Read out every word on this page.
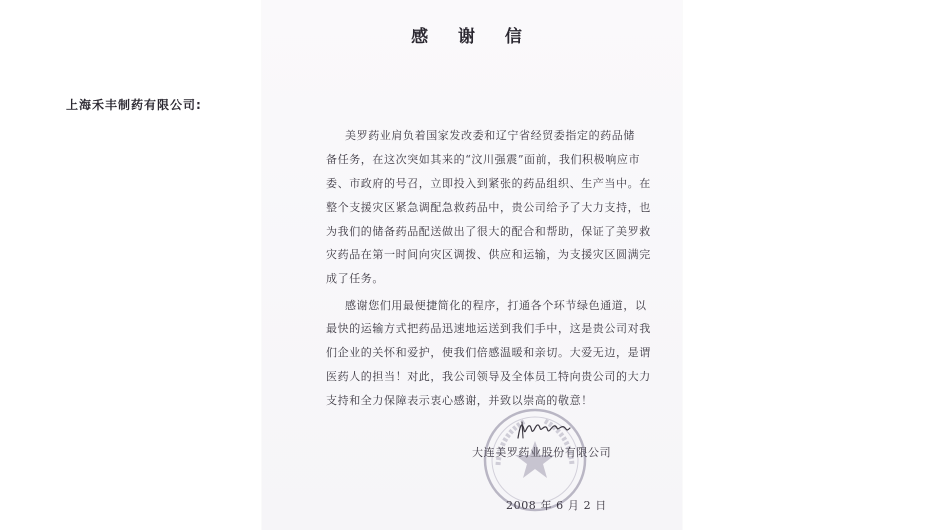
感 谢 信
上海禾丰制药有限公司:
美罗药业肩负着国家发改委和辽宁省经贸委指定的药品储
备任务，在这次突如其来的“汶川强震”面前，我们积极响应市
委、市政府的号召，立即投入到紧张的药品组织、生产当中。在
整个支援灾区紧急调配急救药品中，贵公司给予了大力支持，也
为我们的储备药品配送做出了很大的配合和帮助，保证了美罗救
灾药品在第一时间向灾区调拨、供应和运输，为支援灾区圆满完
成了任务。
感谢您们用最便捷简化的程序，打通各个环节绿色通道，以
最快的运输方式把药品迅速地运送到我们手中，这是贵公司对我
们企业的关怀和爱护，使我们倍感温暖和亲切。大爱无边，是谓
医药人的担当！对此，我公司领导及全体员工特向贵公司的大力
支持和全力保障表示衷心感谢，并致以崇高的敬意！
大连美罗药业股份有限公司
2008 年 6 月 2 日
